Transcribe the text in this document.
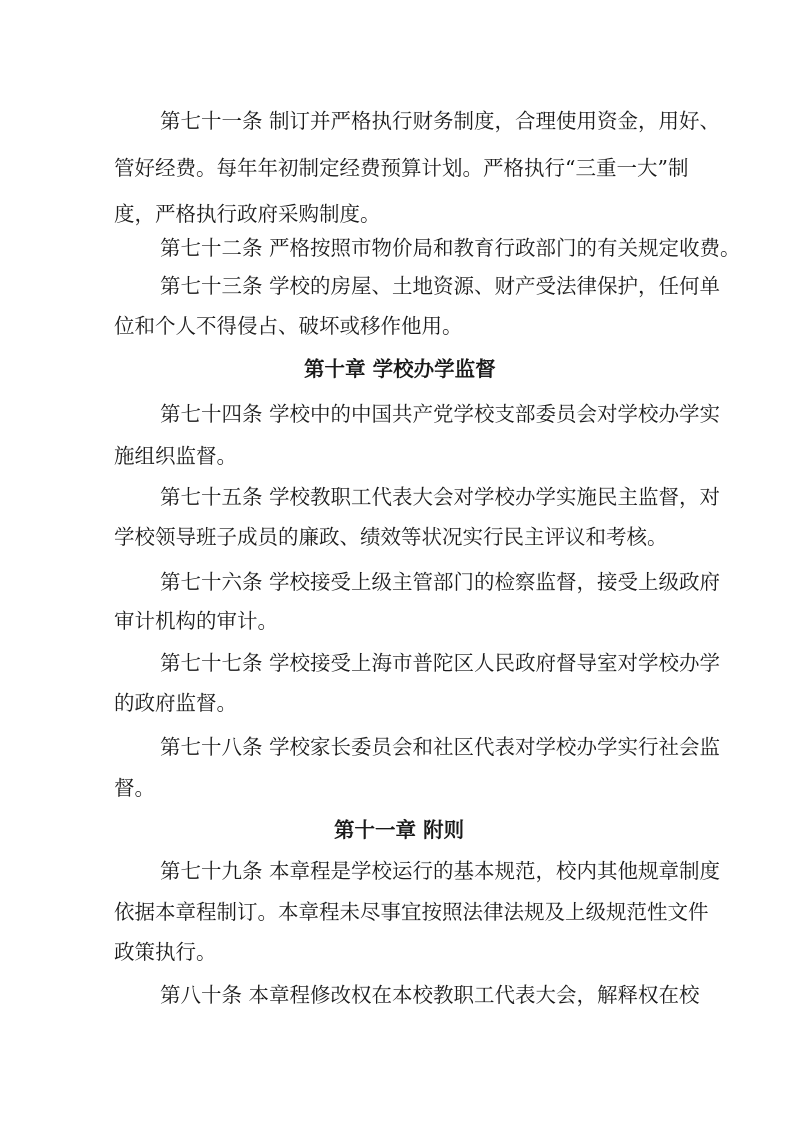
第七十一条 制订并严格执行财务制度，合理使用资金，用好、
管好经费。每年年初制定经费预算计划。严格执行“三重一大”制
度，严格执行政府采购制度。
第七十二条 严格按照市物价局和教育行政部门的有关规定收费。
第七十三条 学校的房屋、土地资源、财产受法律保护，任何单
位和个人不得侵占、破坏或移作他用。
第十章 学校办学监督
第七十四条 学校中的中国共产党学校支部委员会对学校办学实
施组织监督。
第七十五条 学校教职工代表大会对学校办学实施民主监督，对
学校领导班子成员的廉政、绩效等状况实行民主评议和考核。
第七十六条 学校接受上级主管部门的检察监督，接受上级政府
审计机构的审计。
第七十七条 学校接受上海市普陀区人民政府督导室对学校办学
的政府监督。
第七十八条 学校家长委员会和社区代表对学校办学实行社会监
督。
第十一章 附则
第七十九条 本章程是学校运行的基本规范，校内其他规章制度
依据本章程制订。本章程未尽事宜按照法律法规及上级规范性文件
政策执行。
第八十条 本章程修改权在本校教职工代表大会，解释权在校
